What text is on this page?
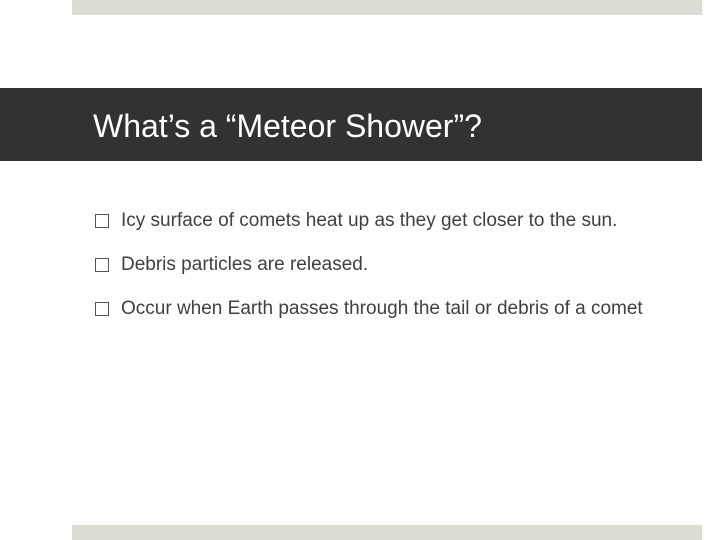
What’s a “Meteor Shower”?
Icy surface of comets heat up as they get closer to the sun.
Debris particles are released.
Occur when Earth passes through the tail or debris of a comet
